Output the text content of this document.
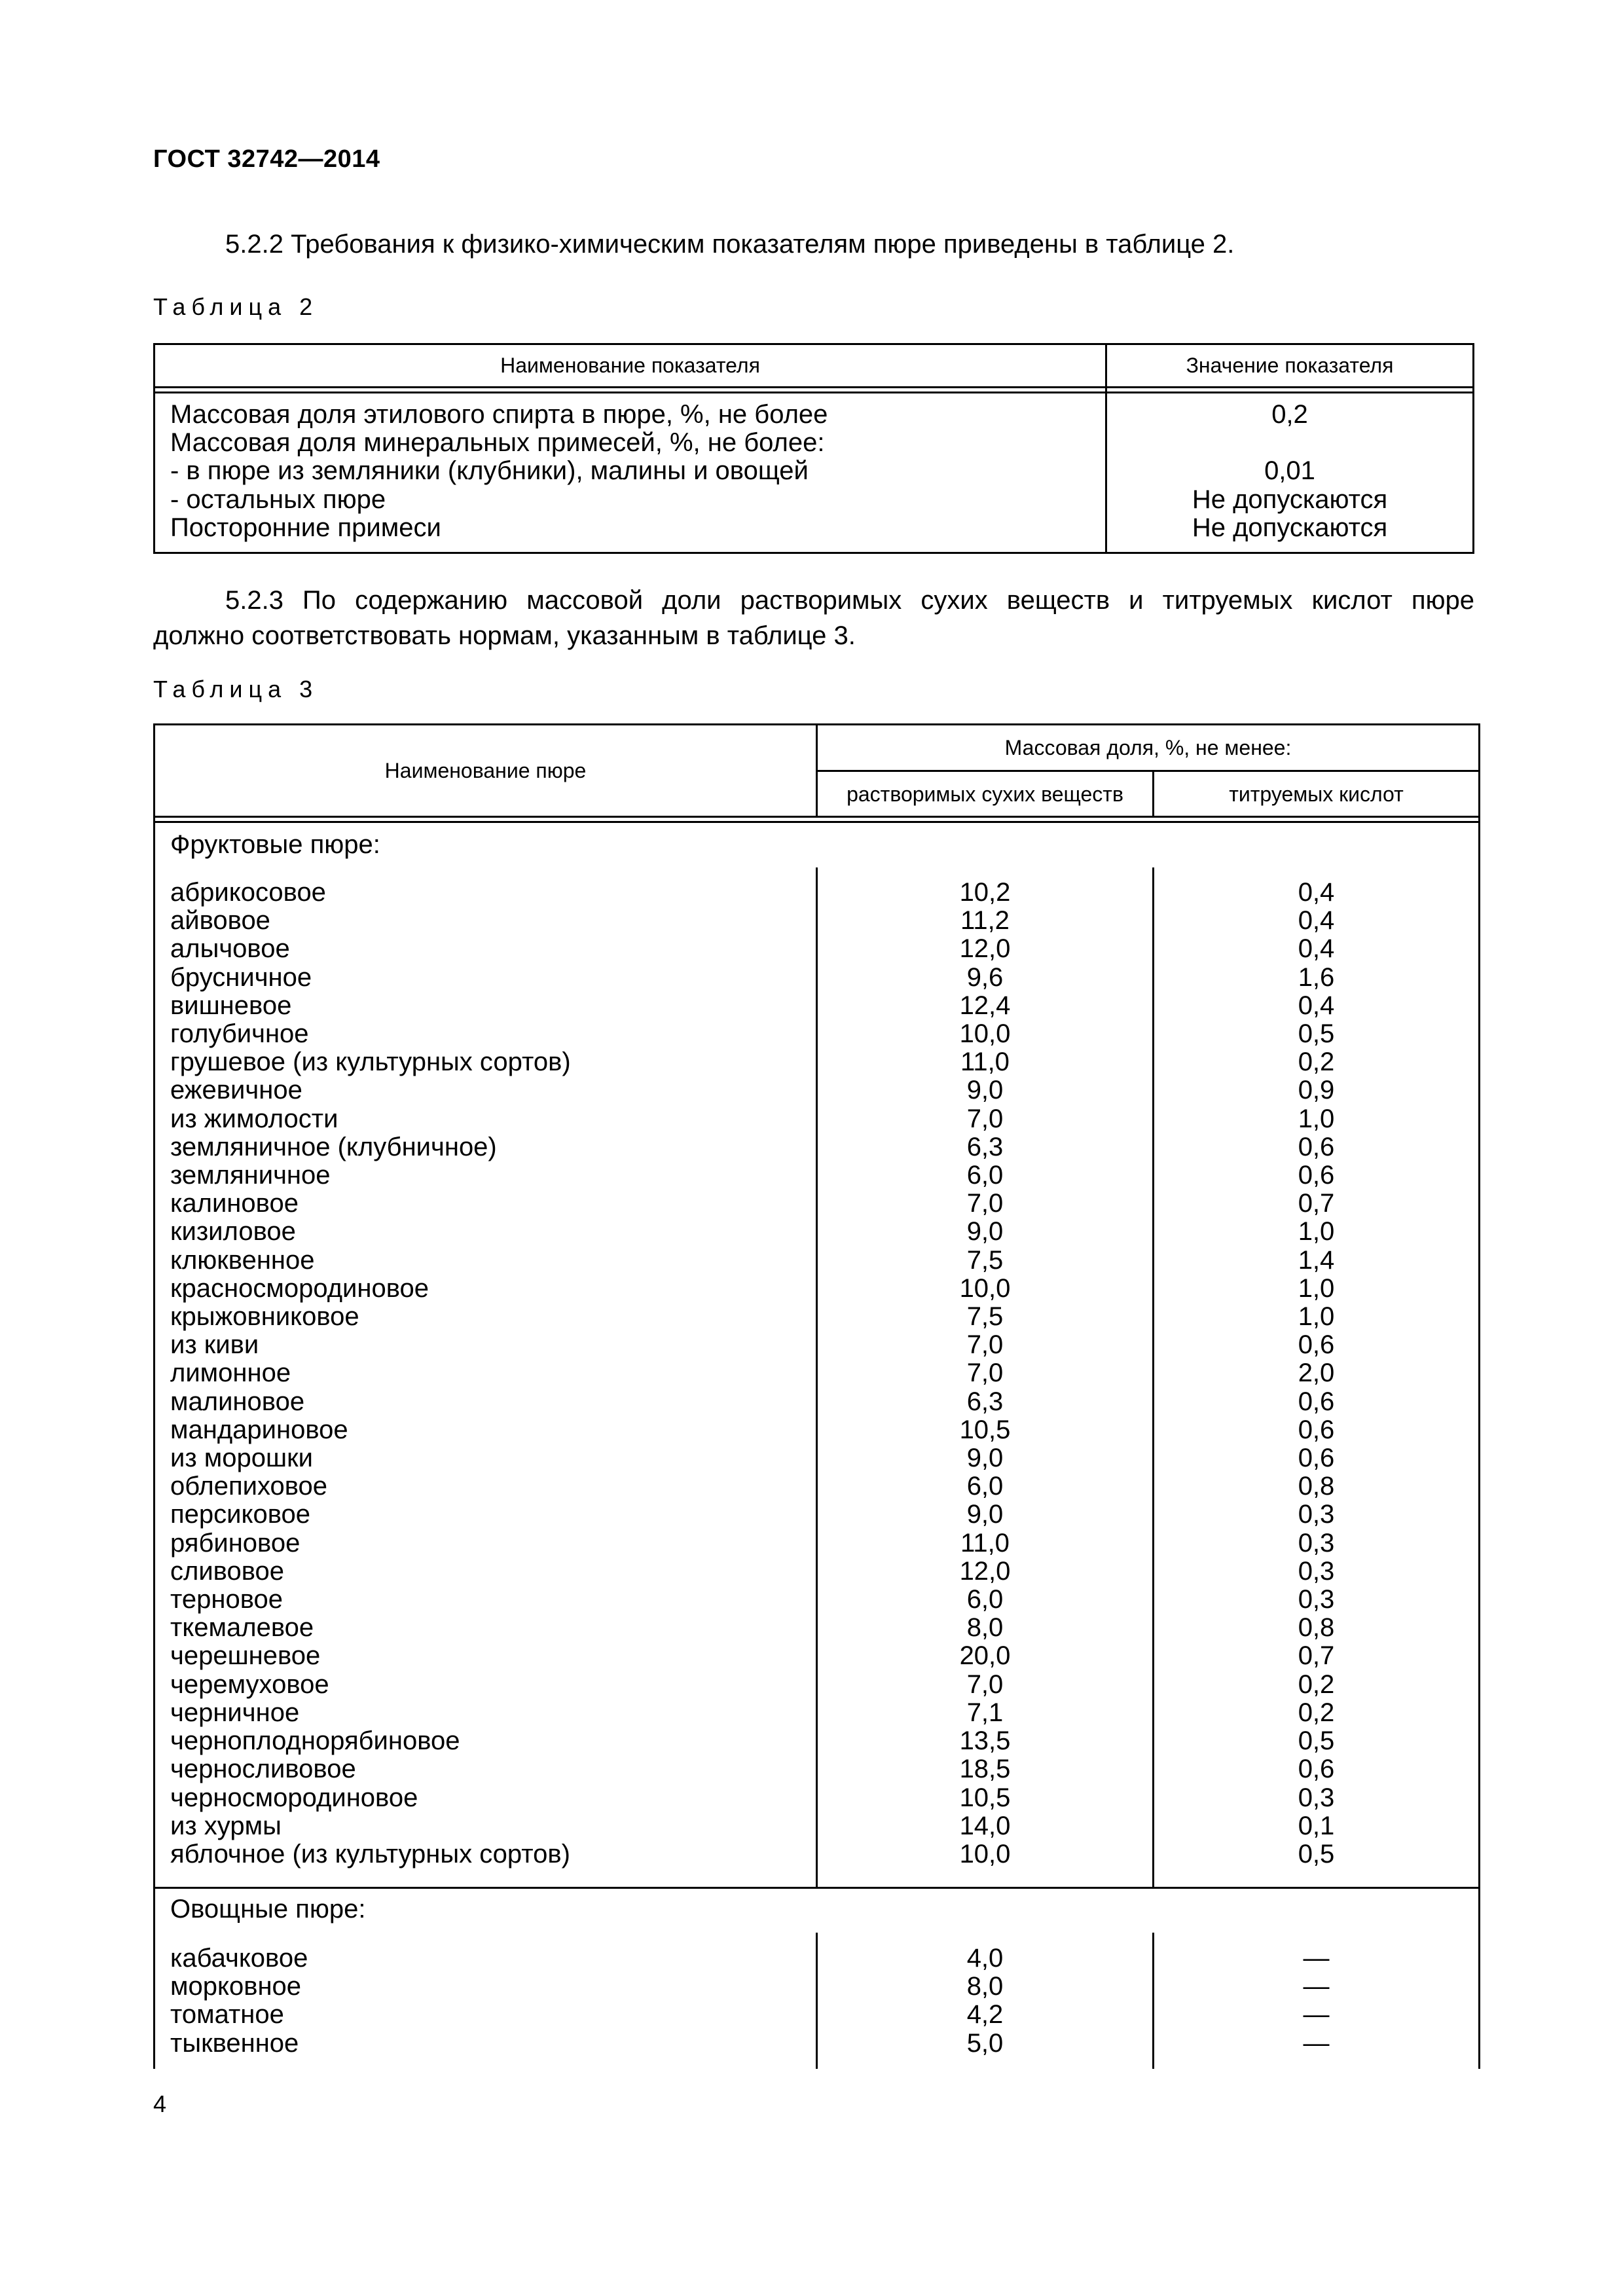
ГОСТ 32742—2014
5.2.2 Требования к физико-химическим показателям пюре приведены в таблице 2.
Таблица 2
Наименование показателя	Значение показателя
Массовая доля этилового спирта в пюре, %, не более
Массовая доля минеральных примесей, %, не более:
- в пюре из земляники (клубники), малины и овощей
- остальных пюре
Посторонние примеси
0,2
0,01
Не допускаются
Не допускаются
5.2.3 По содержанию массовой доли растворимых сухих веществ и титруемых кислот пюре
должно соответствовать нормам, указанным в таблице 3.
Таблица 3
Наименование пюре
Массовая доля, %, не менее:
растворимых сухих веществ	титруемых кислот
Фруктовые пюре:
Овощные пюре:
абрикосовое
айвовое
алычовое
брусничное
вишневое
голубичное
грушевое (из культурных сортов)
ежевичное
из жимолости
земляничное (клубничное)
земляничное
калиновое
кизиловое
клюквенное
красносмородиновое
крыжовниковое
из киви
лимонное
малиновое
мандариновое
из морошки
облепиховое
персиковое
рябиновое
сливовое
терновое
ткемалевое
черешневое
черемуховое
черничное
черноплоднорябиновое
черносливовое
черносмородиновое
из хурмы
яблочное (из культурных сортов)
10,2
11,2
12,0
9,6
12,4
10,0
11,0
9,0
7,0
6,3
6,0
7,0
9,0
7,5
10,0
7,5
7,0
7,0
6,3
10,5
9,0
6,0
9,0
11,0
12,0
6,0
8,0
20,0
7,0
7,1
13,5
18,5
10,5
14,0
10,0
0,4
0,4
0,4
1,6
0,4
0,5
0,2
0,9
1,0
0,6
0,6
0,7
1,0
1,4
1,0
1,0
0,6
2,0
0,6
0,6
0,6
0,8
0,3
0,3
0,3
0,3
0,8
0,7
0,2
0,2
0,5
0,6
0,3
0,1
0,5
кабачковое
морковное
томатное
тыквенное
4,0
8,0
4,2
5,0
—
—
—
—
4
